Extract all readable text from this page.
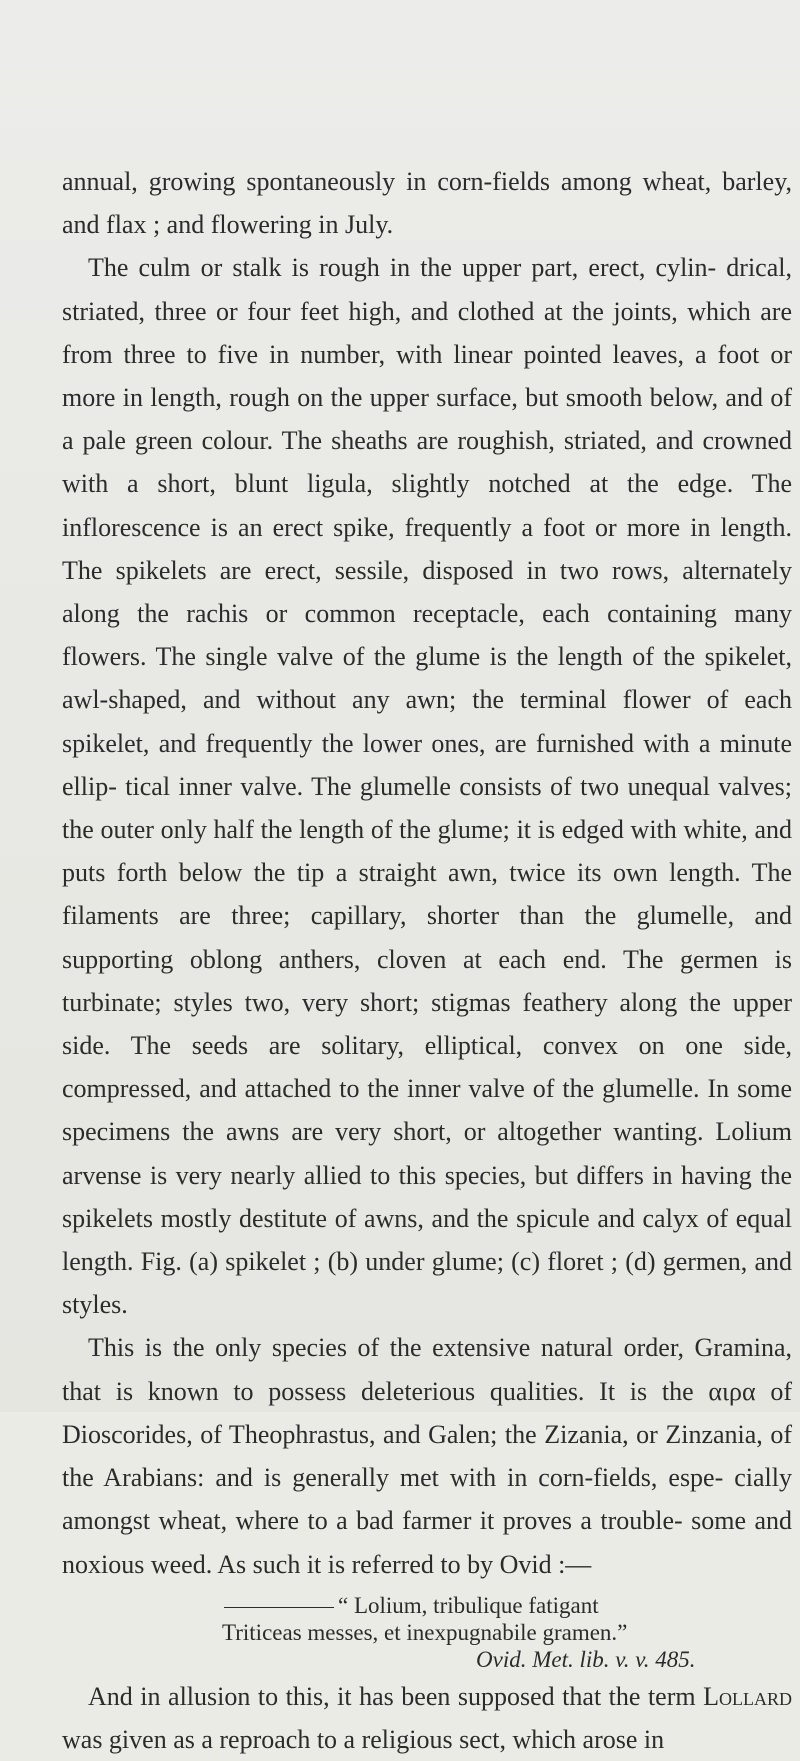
annual, growing spontaneously in corn-fields among wheat, barley, and flax ; and flowering in July.

The culm or stalk is rough in the upper part, erect, cylin- drical, striated, three or four feet high, and clothed at the joints, which are from three to five in number, with linear pointed leaves, a foot or more in length, rough on the upper surface, but smooth below, and of a pale green colour. The sheaths are roughish, striated, and crowned with a short, blunt ligula, slightly notched at the edge. The inflorescence is an erect spike, frequently a foot or more in length. The spikelets are erect, sessile, disposed in two rows, alternately along the rachis or common receptacle, each containing many flowers. The single valve of the glume is the length of the spikelet, awl-shaped, and without any awn; the terminal flower of each spikelet, and frequently the lower ones, are furnished with a minute ellip- tical inner valve. The glumelle consists of two unequal valves; the outer only half the length of the glume; it is edged with white, and puts forth below the tip a straight awn, twice its own length. The filaments are three; capillary, shorter than the glumelle, and supporting oblong anthers, cloven at each end. The germen is turbinate; styles two, very short; stigmas feathery along the upper side. The seeds are solitary, elliptical, convex on one side, compressed, and attached to the inner valve of the glumelle. In some specimens the awns are very short, or altogether wanting. Lolium arvense is very nearly allied to this species, but differs in having the spikelets mostly destitute of awns, and the spicule and calyx of equal length. Fig. (a) spikelet ; (b) under glume; (c) floret ; (d) germen, and styles.

This is the only species of the extensive natural order, Gramina, that is known to possess deleterious qualities. It is the αιρα of Dioscorides, of Theophrastus, and Galen; the Zizania, or Zinzania, of the Arabians: and is generally met with in corn-fields, espe- cially amongst wheat, where to a bad farmer it proves a trouble- some and noxious weed. As such it is referred to by Ovid :—

“ Lolium, tribulique fatigant

Triticeas messes, et inexpugnabile gramen.”

Ovid. Met. lib. v. v. 485.

And in allusion to this, it has been supposed that the term Lollard was given as a reproach to a religious sect, which arose in
